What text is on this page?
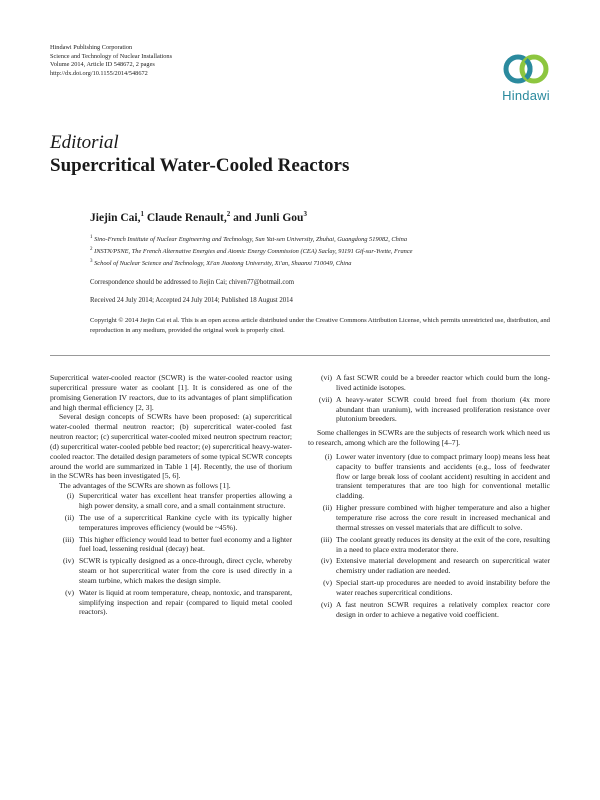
Hindawi Publishing Corporation
Science and Technology of Nuclear Installations
Volume 2014, Article ID 548672, 2 pages
http://dx.doi.org/10.1155/2014/548672
Hindawi
Editorial
Supercritical Water-Cooled Reactors
Jiejin Cai,$^1$ Claude Renault,$^2$ and Junli Gou$^3$
$^1$ Sino-French Institute of Nuclear Engineering and Technology, Sun Yat-sen University, Zhuhai, Guangdong 519082, China
$^2$ INSTN/PSNE, The French Alternative Energies and Atomic Energy Commission (CEA) Saclay, 91191 Gif-sur-Yvette, France
$^3$ School of Nuclear Science and Technology, Xi'an Jiaotong University, Xi'an, Shaanxi 710049, China
Correspondence should be addressed to Jiejin Cai; chiven77@hotmail.com
Received 24 July 2014; Accepted 24 July 2014; Published 18 August 2014
Copyright © 2014 Jiejin Cai et al. This is an open access article distributed under the Creative Commons Attribution License, which permits unrestricted use, distribution, and reproduction in any medium, provided the original work is properly cited.

Supercritical water-cooled reactor (SCWR) is the water-cooled reactor using supercritical pressure water as coolant [1]. It is considered as one of the promising Generation IV reactors, due to its advantages of plant simplification and high thermal efficiency [2, 3].

Several design concepts of SCWRs have been proposed: (a) supercritical water-cooled thermal neutron reactor; (b) supercritical water-cooled fast neutron reactor; (c) supercritical water-cooled mixed neutron spectrum reactor; (d) supercritical water-cooled pebble bed reactor; (e) supercritical heavy-water-cooled reactor. The detailed design parameters of some typical SCWR concepts around the world are summarized in Table 1 [4]. Recently, the use of thorium in the SCWRs has been investigated [5, 6].

The advantages of the SCWRs are shown as follows [1].

(i) Supercritical water has excellent heat transfer properties allowing a high power density, a small core, and a small containment structure.
(ii) The use of a supercritical Rankine cycle with its typically higher temperatures improves efficiency (would be ~45%).
(iii) This higher efficiency would lead to better fuel economy and a lighter fuel load, lessening residual (decay) heat.
(iv) SCWR is typically designed as a once-through, direct cycle, whereby steam or hot supercritical water from the core is used directly in a steam turbine, which makes the design simple.
(v) Water is liquid at room temperature, cheap, nontoxic, and transparent, simplifying inspection and repair (compared to liquid metal cooled reactors).
(vi) A fast SCWR could be a breeder reactor which could burn the long-lived actinide isotopes.
(vii) A heavy-water SCWR could breed fuel from thorium (4x more abundant than uranium), with increased proliferation resistance over plutonium breeders.

Some challenges in SCWRs are the subjects of research work which need us to research, among which are the following [4–7].

(i) Lower water inventory (due to compact primary loop) means less heat capacity to buffer transients and accidents (e.g., loss of feedwater flow or large break loss of coolant accident) resulting in accident and transient temperatures that are too high for conventional metallic cladding.
(ii) Higher pressure combined with higher temperature and also a higher temperature rise across the core result in increased mechanical and thermal stresses on vessel materials that are difficult to solve.
(iii) The coolant greatly reduces its density at the exit of the core, resulting in a need to place extra moderator there.
(iv) Extensive material development and research on supercritical water chemistry under radiation are needed.
(v) Special start-up procedures are needed to avoid instability before the water reaches supercritical conditions.
(vi) A fast neutron SCWR requires a relatively complex reactor core design in order to achieve a negative void coefficient.
